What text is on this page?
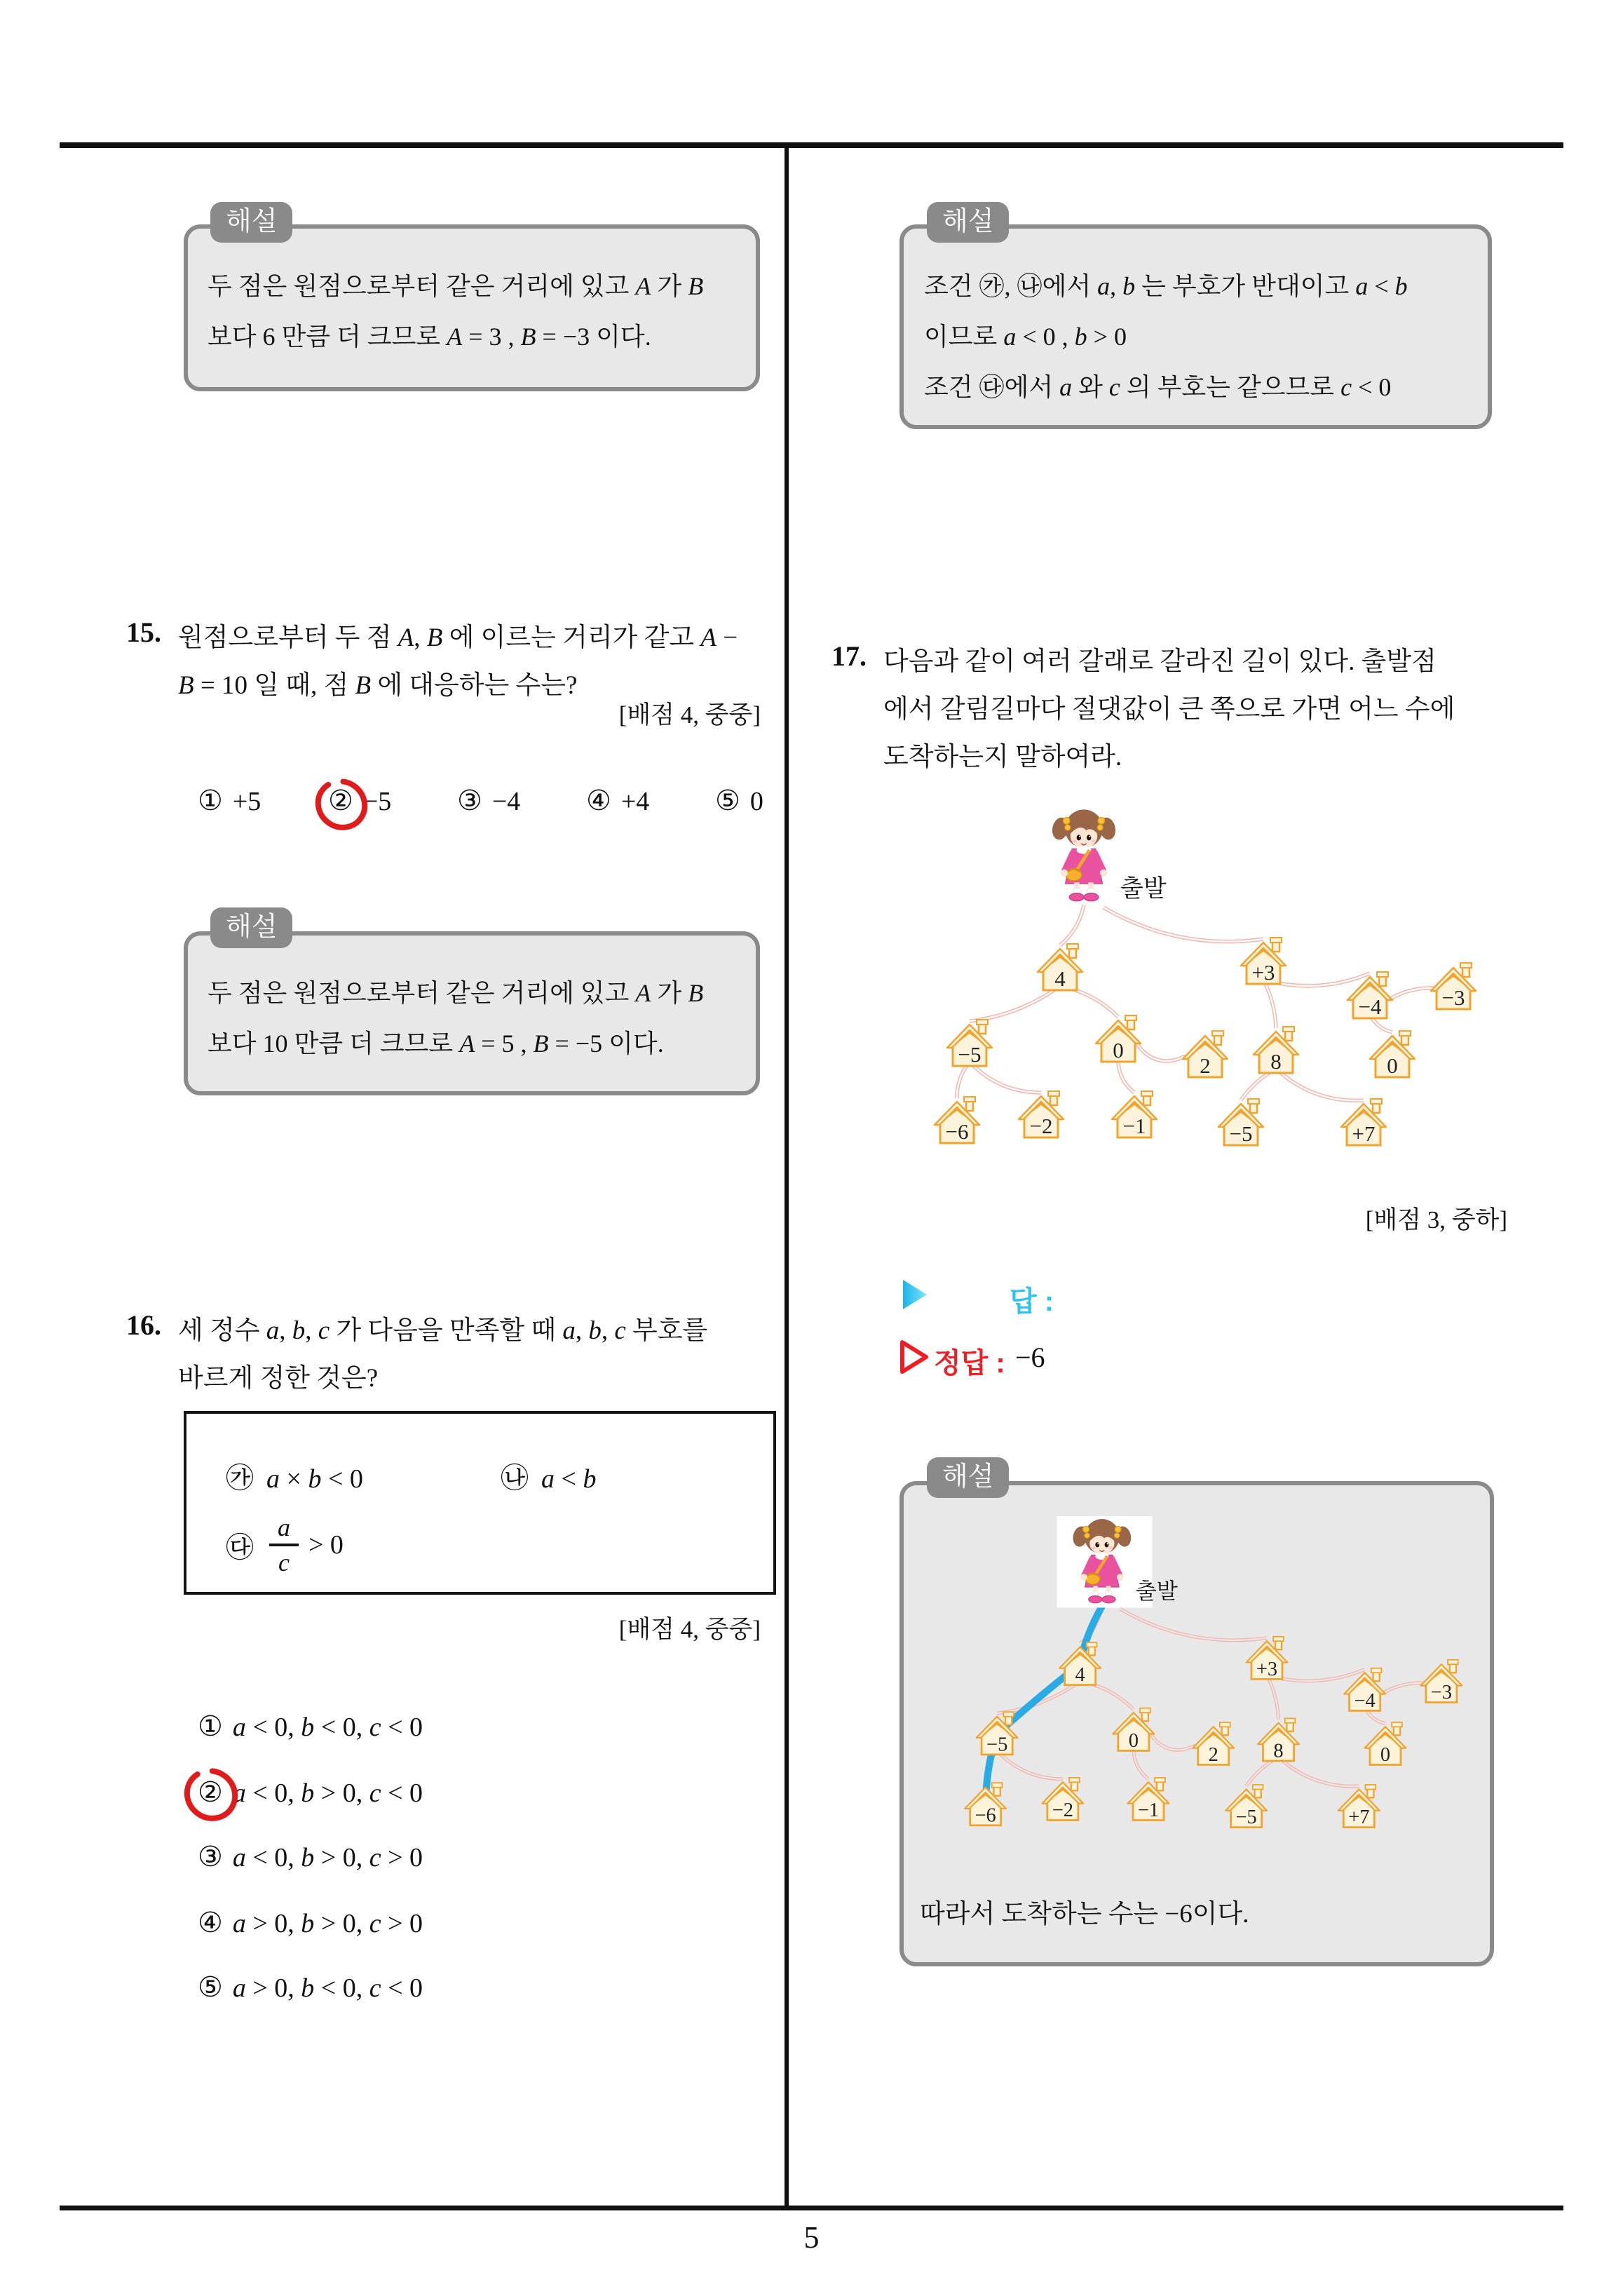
5
해설
두 점은 원점으로부터 같은 거리에 있고 A 가 B
보다 6 만큼 더 크므로 A = 3 , B = −3 이다.
15. 원점으로부터 두 점 A, B 에 이르는 거리가 같고 A −
B = 10 일 때, 점 B 에 대응하는 수는?
[배점 4, 중중]
① +5 ② −5 ③ −4 ④ +4 ⑤ 0
해설
두 점은 원점으로부터 같은 거리에 있고 A 가 B
보다 10 만큼 더 크므로 A = 5 , B = −5 이다.
16. 세 정수 a, b, c 가 다음을 만족할 때 a, b, c 부호를
바르게 정한 것은?
㉮ a × b < 0	㉯ a < b
㉰ $\frac{a}{c} > 0$
[배점 4, 중중]
① a < 0, b < 0, c < 0
② a < 0, b > 0, c < 0
③ a < 0, b > 0, c > 0
④ a > 0, b > 0, c > 0
⑤ a > 0, b < 0, c < 0
해설
조건 ㉮, ㉯에서 a, b 는 부호가 반대이고 a < b
이므로 a < 0 , b > 0
조건 ㉰에서 a 와 c 의 부호는 같으므로 c < 0
17. 다음과 같이 여러 갈래로 갈라진 길이 있다. 출발점
에서 갈림길마다 절댓값이 큰 쪽으로 가면 어느 수에
도착하는지 말하여라.
출발
4	+3
−4	−3
−5	0
2	8	0
−6	−2	−1	−5	+7
[배점 3, 중하]
답 :
정답 : −6
해설
출발
4	+3
−4	−3
−5	0
2	8	0
−6	−2	−1	−5	+7
따라서 도착하는 수는 −6이다.
